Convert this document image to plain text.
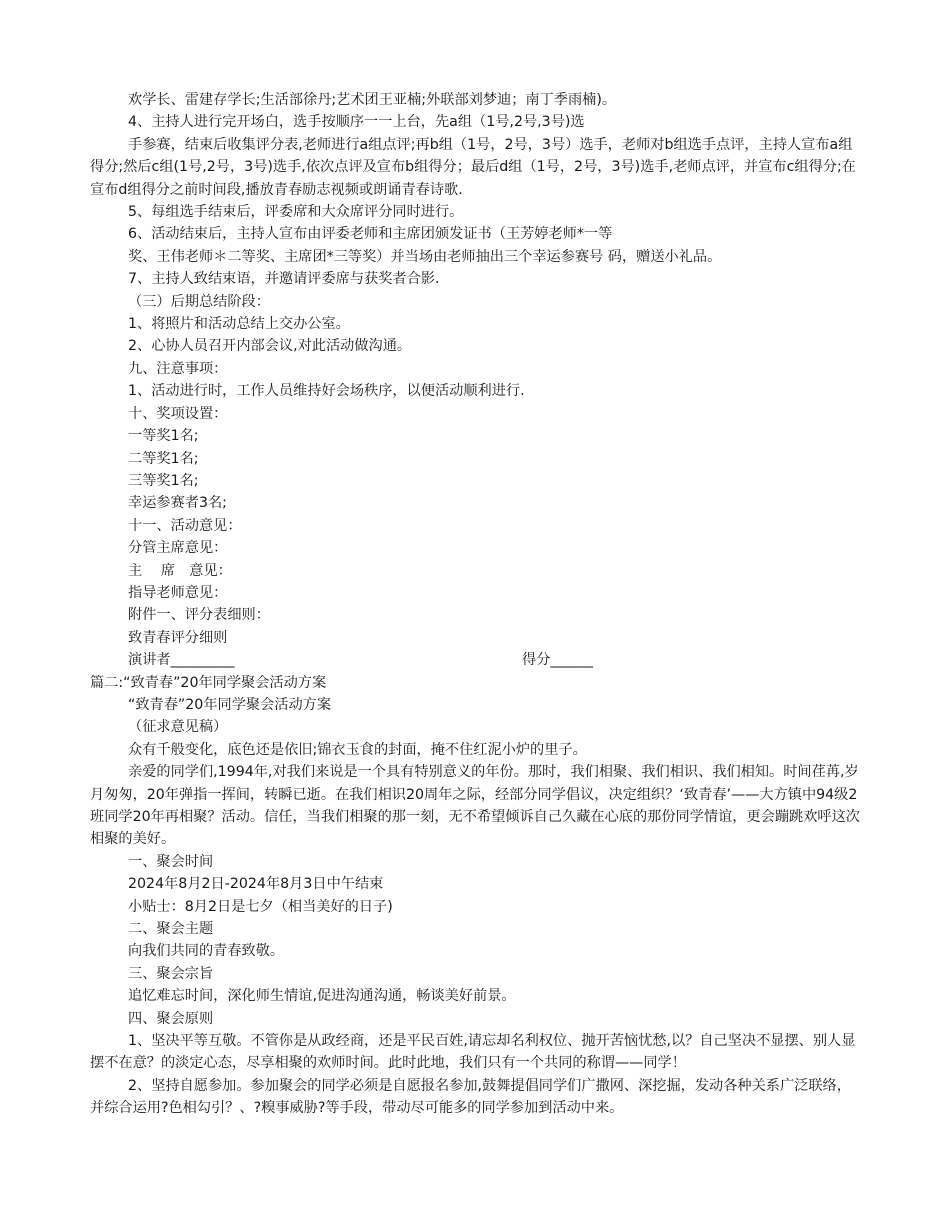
欢学长、雷建存学长;生活部徐丹;艺术团王亚楠;外联部刘梦迪；南丁季雨楠)。

4、主持人进行完开场白，选手按顺序一一上台，先a组（1号,2号,3号)选

手参赛，结束后收集评分表,老师进行a组点评;再b组（1号，2号，3号）选手，老师对b组选手点评，主持人宣布a组得分;然后c组(1号,2号，3号)选手,依次点评及宣布b组得分；最后d组（1号，2号，3号)选手,老师点评，并宣布c组得分;在宣布d组得分之前时间段,播放青春励志视频或朗诵青春诗歌.

5、每组选手结束后，评委席和大众席评分同时进行。

6、活动结束后，主持人宣布由评委老师和主席团颁发证书（王芳婷老师*一等

奖、王伟老师＊二等奖、主席团*三等奖）并当场由老师抽出三个幸运参赛号 码，赠送小礼品。

7、主持人致结束语，并邀请评委席与获奖者合影.

（三）后期总结阶段：

1、将照片和活动总结上交办公室。

2、心协人员召开内部会议,对此活动做沟通。

九、注意事项：

1、活动进行时，工作人员维持好会场秩序，以便活动顺利进行.

十、奖项设置：

一等奖1名;

二等奖1名;

三等奖1名;

幸运参赛者3名;

十一、活动意见：

分管主席意见：

主　 席　意见：

指导老师意见：

附件一、评分表细则：

致青春评分细则

演讲者_________	得分______

篇二:“致青春”20年同学聚会活动方案

“致青春”20年同学聚会活动方案

（征求意见稿）

众有千般变化，底色还是依旧;锦衣玉食的封面，掩不住红泥小炉的里子。

亲爱的同学们,1994年,对我们来说是一个具有特别意义的年份。那时，我们相聚、我们相识、我们相知。时间荏苒,岁月匆匆，20年弹指一挥间，转瞬已逝。在我们相识20周年之际，经部分同学倡议，决定组织？‘致青春’——大方镇中94级2班同学20年再相聚？活动。信任，当我们相聚的那一刻，无不希望倾诉自己久藏在心底的那份同学情谊，更会蹦跳欢呼这次相聚的美好。

一、聚会时间

2024年8月2日-2024年8月3日中午结束

小贴士：8月2日是七夕（相当美好的日子)

二、聚会主题

向我们共同的青春致敬。

三、聚会宗旨

追忆难忘时间，深化师生情谊,促进沟通沟通，畅谈美好前景。

四、聚会原则

1、坚决平等互敬。不管你是从政经商，还是平民百姓,请忘却名利权位、抛开苦恼忧愁,以？自己坚决不显摆、别人显摆不在意？的淡定心态，尽享相聚的欢师时间。此时此地，我们只有一个共同的称谓——同学！

2、坚持自愿参加。参加聚会的同学必须是自愿报名参加,鼓舞提倡同学们广撒网、深挖掘，发动各种关系广泛联络，并综合运用?色相勾引？、?糗事威胁?等手段，带动尽可能多的同学参加到活动中来。
